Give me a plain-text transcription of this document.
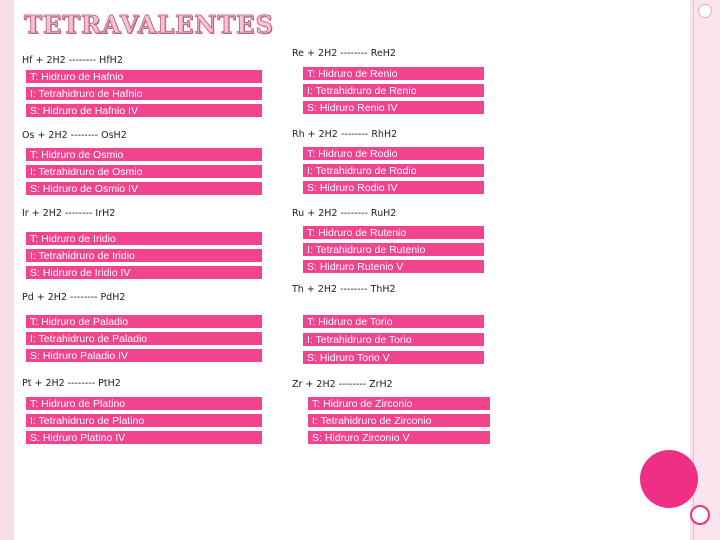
TETRAVALENTES
Hf + 2H2 -------- HfH2
T: Hidruro de Hafnio
I: Tetrahidruro de Hafnio
S: Hidruro de Hafnio IV
Os + 2H2 -------- OsH2
T: Hidruro de Osmio
I: Tetrahidruro de Osmio
S: Hidruro de Osmio IV
Ir + 2H2 -------- IrH2
T: Hidruro de Iridio
I: Tetrahidruro de Iridio
S: Hidruro de Iridio IV
Pd + 2H2 -------- PdH2
T: Hidruro de Paladio
I: Tetrahidruro de Paladio
S: Hidruro Paladio IV
Pt + 2H2 -------- PtH2
T: Hidruro de Platino
I: Tetrahidruro de Platino
S: Hidruro Platino IV
Re + 2H2 -------- ReH2
T: Hidruro de Renio
I: Tetrahidruro de Renio
S: Hidruro Renio IV
Rh + 2H2 -------- RhH2
T: Hidruro de Rodio
I: Tetrahidruro de Rodio
S: Hidruro Rodio IV
Ru + 2H2 -------- RuH2
T: Hidruro de Rutenio
I: Tetrahidruro de Rutenio
S: Hidruro Rutenio V
Th + 2H2 -------- ThH2
T: Hidruro de Torio
I: Tetrahidruro de Torio
S: Hidruro Torio V
Zr + 2H2 -------- ZrH2
T: Hidruro de Zirconio
I: Tetrahidruro de Zirconio
S: Hidruro Zirconio V
